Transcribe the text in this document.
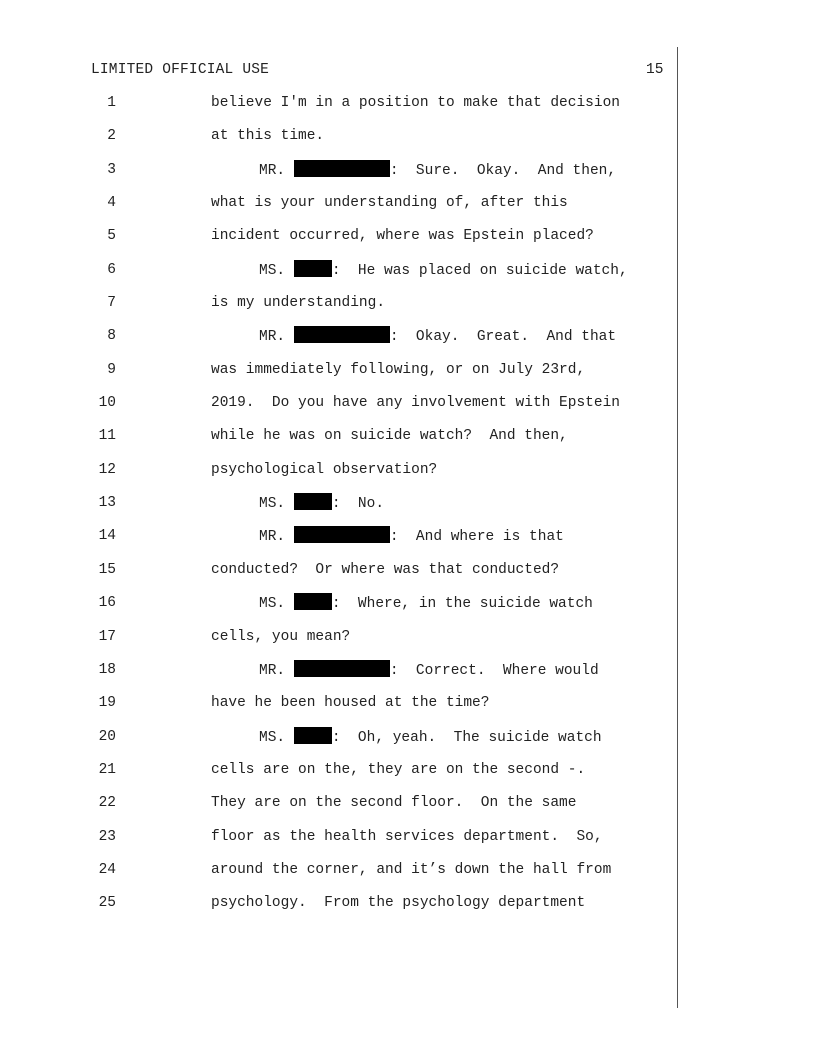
LIMITED OFFICIAL USE	15
1	believe I'm in a position to make that decision
2	at this time.
3	MR.	:  Sure.  Okay.  And then,
4	what is your understanding of, after this
5	incident occurred, where was Epstein placed?
6	MS.	:  He was placed on suicide watch,
7	is my understanding.
8	MR.	:  Okay.  Great.  And that
9	was immediately following, or on July 23rd,
10	2019.  Do you have any involvement with Epstein
11	while he was on suicide watch?  And then,
12	psychological observation?
13	MS.	:  No.
14	MR.	:  And where is that
15	conducted?  Or where was that conducted?
16	MS.	:  Where, in the suicide watch
17	cells, you mean?
18	MR.	:  Correct.  Where would
19	have he been housed at the time?
20	MS.	:  Oh, yeah.  The suicide watch
21	cells are on the, they are on the second -.
22	They are on the second floor.  On the same
23	floor as the health services department.  So,
24	around the corner, and it’s down the hall from
25	psychology.  From the psychology department
